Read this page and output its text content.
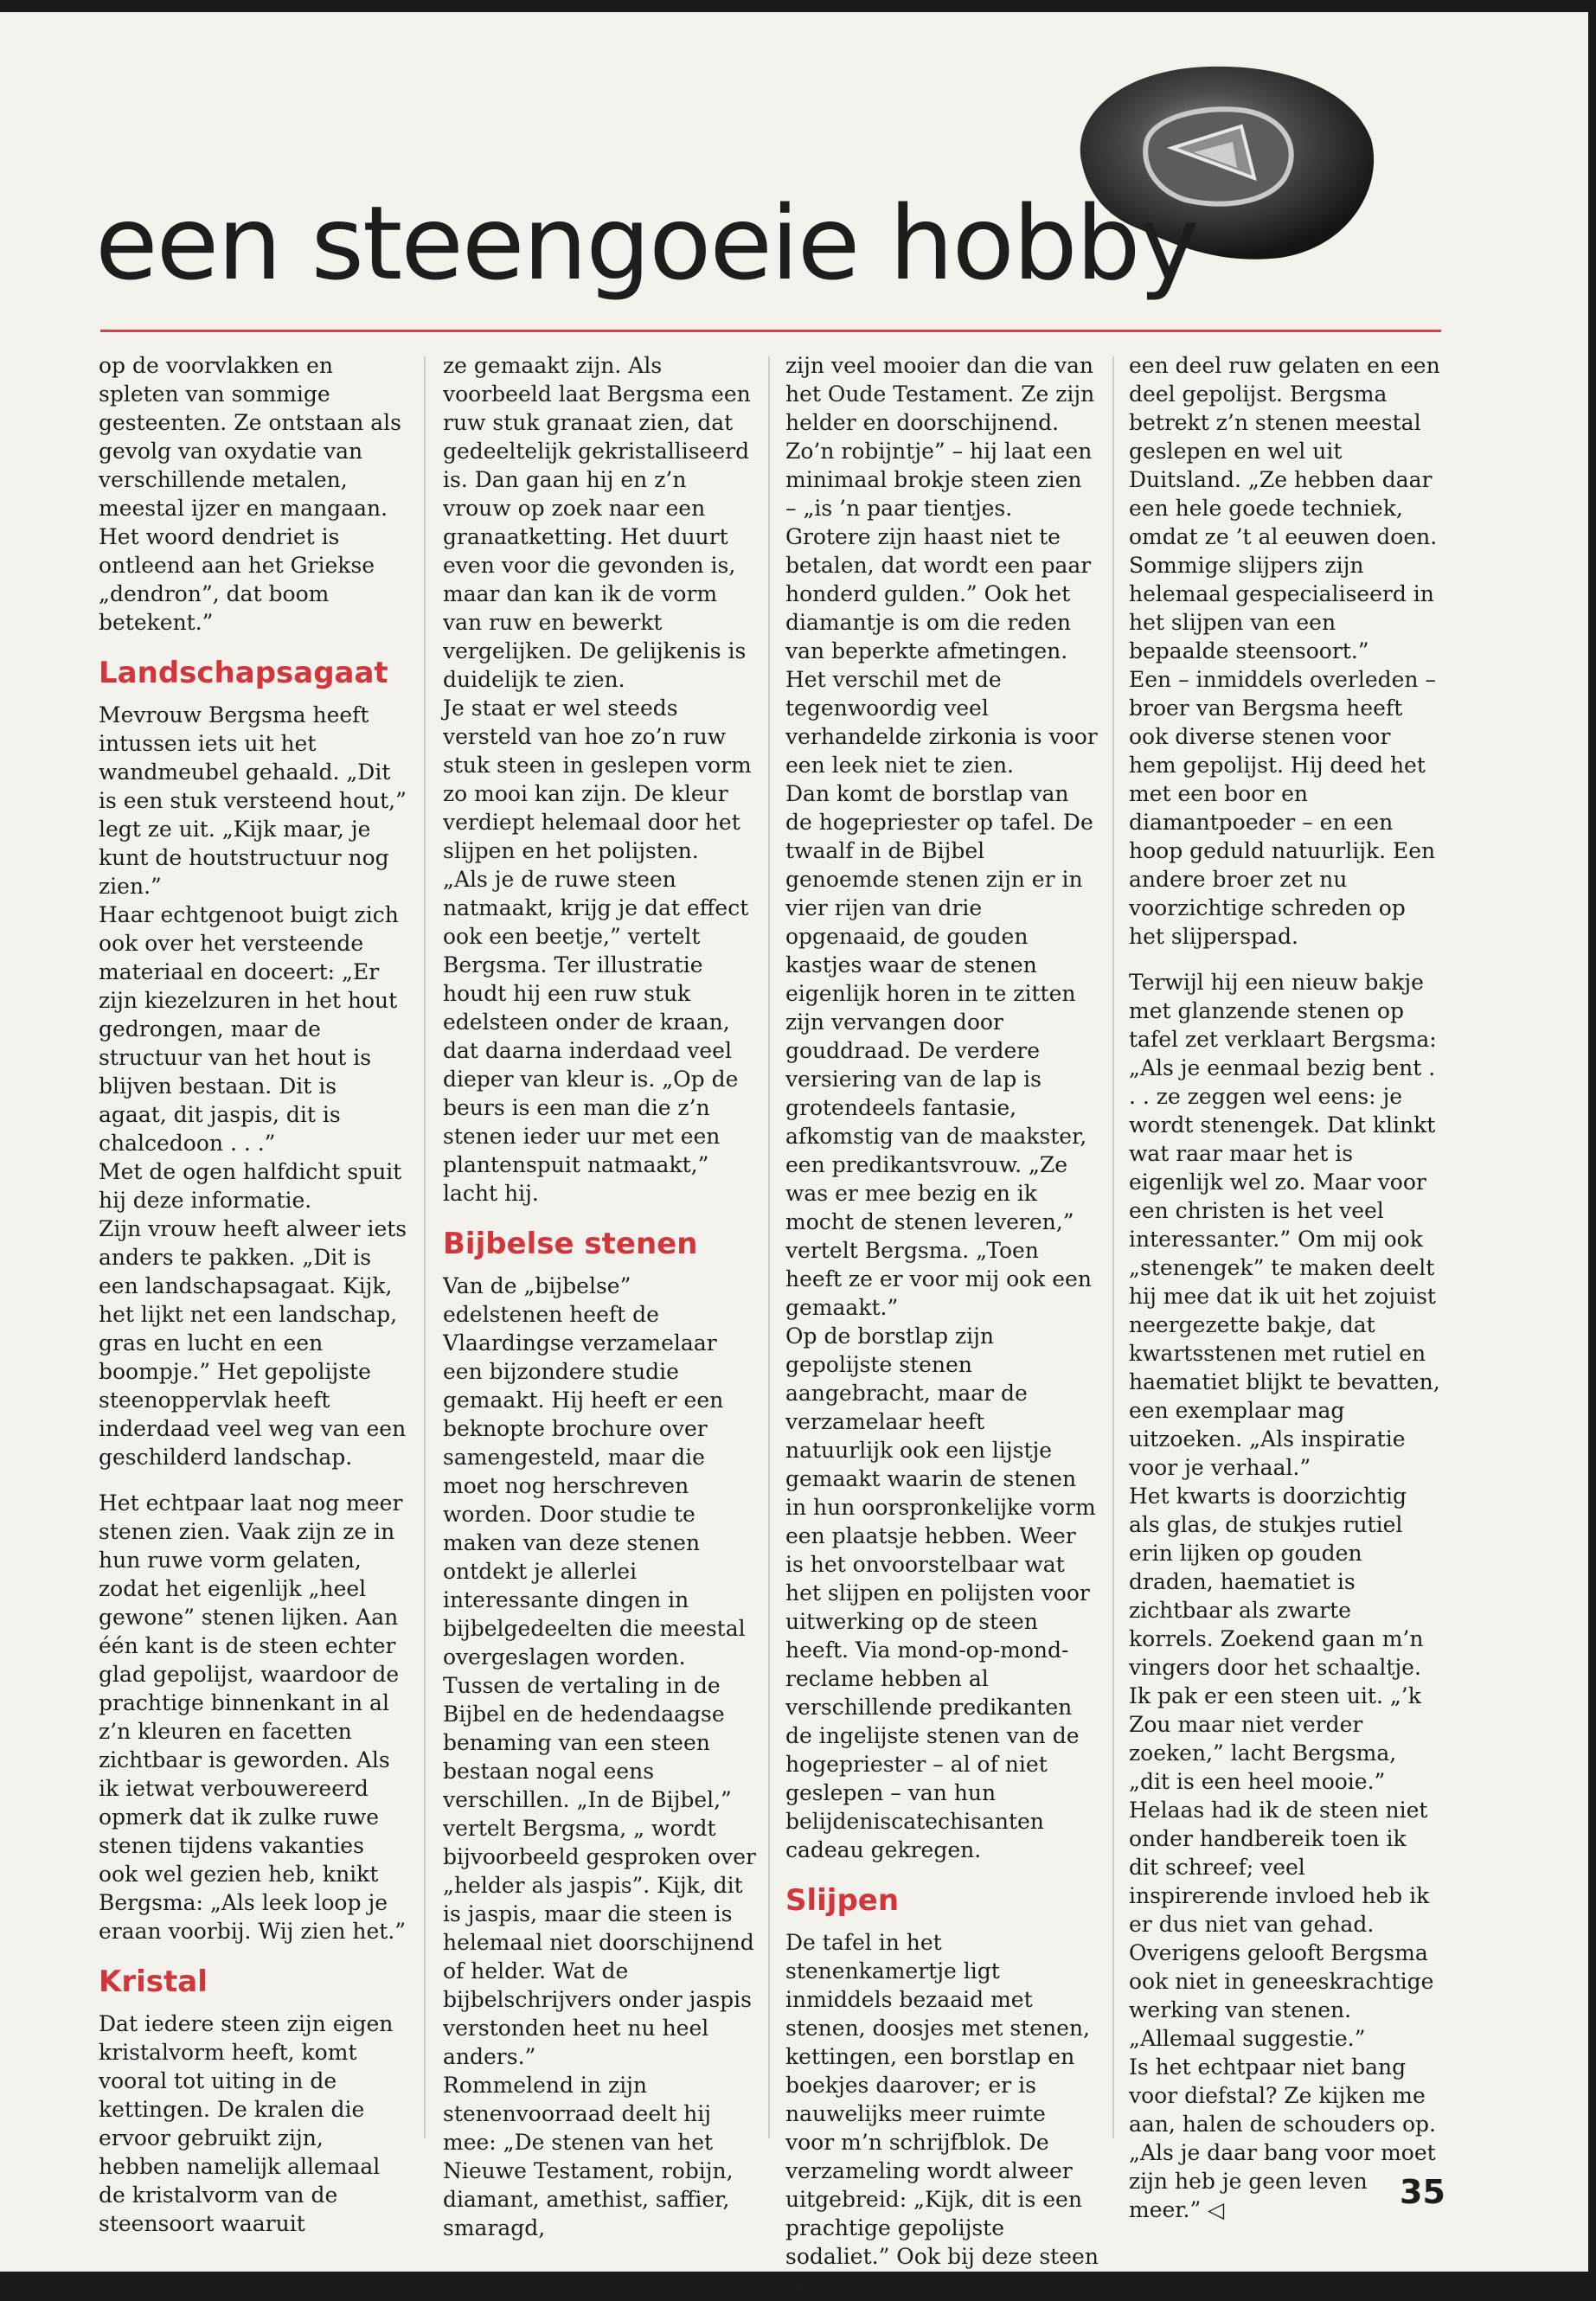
een steengoeie hobby

op de voorvlakken en spleten van sommige gesteenten. Ze ontstaan als gevolg van oxydatie van verschillende metalen, meestal ijzer en mangaan. Het woord dendriet is ontleend aan het Griekse „dendron”, dat boom betekent.”

Landschapsagaat

Mevrouw Bergsma heeft intussen iets uit het wandmeubel gehaald. „Dit is een stuk versteend hout,” legt ze uit. „Kijk maar, je kunt de houtstructuur nog zien.”

Haar echtgenoot buigt zich ook over het versteende materiaal en doceert: „Er zijn kiezelzuren in het hout gedrongen, maar de structuur van het hout is blijven bestaan. Dit is agaat, dit jaspis, dit is chalcedoon . . .”

Met de ogen halfdicht spuit hij deze informatie.

Zijn vrouw heeft alweer iets anders te pakken. „Dit is een landschapsagaat. Kijk, het lijkt net een landschap, gras en lucht en een boompje.” Het gepolijste steenoppervlak heeft inderdaad veel weg van een geschilderd landschap.

Het echtpaar laat nog meer stenen zien. Vaak zijn ze in hun ruwe vorm gelaten, zodat het eigenlijk „heel gewone” stenen lijken. Aan één kant is de steen echter glad gepolijst, waardoor de prachtige binnenkant in al z’n kleuren en facetten zichtbaar is geworden. Als ik ietwat verbouwereerd opmerk dat ik zulke ruwe stenen tijdens vakanties ook wel gezien heb, knikt Bergsma: „Als leek loop je eraan voorbij. Wij zien het.”

Kristal

Dat iedere steen zijn eigen kristalvorm heeft, komt vooral tot uiting in de kettingen. De kralen die ervoor gebruikt zijn, hebben namelijk allemaal de kristalvorm van de steensoort waaruit

ze gemaakt zijn. Als voorbeeld laat Bergsma een ruw stuk granaat zien, dat gedeeltelijk gekristalliseerd is. Dan gaan hij en z’n vrouw op zoek naar een granaatketting. Het duurt even voor die gevonden is, maar dan kan ik de vorm van ruw en bewerkt vergelijken. De gelijkenis is duidelijk te zien.

Je staat er wel steeds versteld van hoe zo’n ruw stuk steen in geslepen vorm zo mooi kan zijn. De kleur verdiept helemaal door het slijpen en het polijsten.

„Als je de ruwe steen natmaakt, krijg je dat effect ook een beetje,” vertelt Bergsma. Ter illustratie houdt hij een ruw stuk edelsteen onder de kraan, dat daarna inderdaad veel dieper van kleur is. „Op de beurs is een man die z’n stenen ieder uur met een plantenspuit natmaakt,” lacht hij.

Bijbelse stenen

Van de „bijbelse” edelstenen heeft de Vlaardingse verzamelaar een bijzondere studie gemaakt. Hij heeft er een beknopte brochure over samengesteld, maar die moet nog herschreven worden. Door studie te maken van deze stenen ontdekt je allerlei interessante dingen in bijbelgedeelten die meestal overgeslagen worden. Tussen de vertaling in de Bijbel en de hedendaagse benaming van een steen bestaan nogal eens verschillen. „In de Bijbel,” vertelt Bergsma, „ wordt bijvoorbeeld gesproken over „helder als jaspis”. Kijk, dit is jaspis, maar die steen is helemaal niet doorschijnend of helder. Wat de bijbelschrijvers onder jaspis verstonden heet nu heel anders.”

Rommelend in zijn stenenvoorraad deelt hij mee: „De stenen van het Nieuwe Testament, robijn, diamant, amethist, saffier, smaragd,

zijn veel mooier dan die van het Oude Testament. Ze zijn helder en doorschijnend. Zo’n robijntje” – hij laat een minimaal brokje steen zien – „is ’n paar tientjes. Grotere zijn haast niet te betalen, dat wordt een paar honderd gulden.” Ook het diamantje is om die reden van beperkte afmetingen. Het verschil met de tegenwoordig veel verhandelde zirkonia is voor een leek niet te zien.

Dan komt de borstlap van de hogepriester op tafel. De twaalf in de Bijbel genoemde stenen zijn er in vier rijen van drie opgenaaid, de gouden kastjes waar de stenen eigenlijk horen in te zitten zijn vervangen door gouddraad. De verdere versiering van de lap is grotendeels fantasie, afkomstig van de maakster, een predikantsvrouw. „Ze was er mee bezig en ik mocht de stenen leveren,” vertelt Bergsma. „Toen heeft ze er voor mij ook een gemaakt.”

Op de borstlap zijn gepolijste stenen aangebracht, maar de verzamelaar heeft natuurlijk ook een lijstje gemaakt waarin de stenen in hun oorspronkelijke vorm een plaatsje hebben. Weer is het onvoorstelbaar wat het slijpen en polijsten voor uitwerking op de steen heeft. Via mond-op-mond-reclame hebben al verschillende predikanten de ingelijste stenen van de hogepriester – al of niet geslepen – van hun belijdeniscatechisanten cadeau gekregen.

Slijpen

De tafel in het stenenkamertje ligt inmiddels bezaaid met stenen, doosjes met stenen, kettingen, een borstlap en boekjes daarover; er is nauwelijks meer ruimte voor m’n schrijfblok. De verzameling wordt alweer uitgebreid: „Kijk, dit is een prachtige gepolijste sodaliet.” Ook bij deze steen is

een deel ruw gelaten en een deel gepolijst. Bergsma betrekt z’n stenen meestal geslepen en wel uit Duitsland. „Ze hebben daar een hele goede techniek, omdat ze ’t al eeuwen doen. Sommige slijpers zijn helemaal gespecialiseerd in het slijpen van een bepaalde steensoort.”

Een – inmiddels overleden – broer van Bergsma heeft ook diverse stenen voor hem gepolijst. Hij deed het met een boor en diamantpoeder – en een hoop geduld natuurlijk. Een andere broer zet nu voorzichtige schreden op het slijperspad.

Terwijl hij een nieuw bakje met glanzende stenen op tafel zet verklaart Bergsma: „Als je eenmaal bezig bent . . . ze zeggen wel eens: je wordt stenengek. Dat klinkt wat raar maar het is eigenlijk wel zo. Maar voor een christen is het veel interessanter.” Om mij ook „stenengek” te maken deelt hij mee dat ik uit het zojuist neergezette bakje, dat kwartsstenen met rutiel en haematiet blijkt te bevatten, een exemplaar mag uitzoeken. „Als inspiratie voor je verhaal.”

Het kwarts is doorzichtig als glas, de stukjes rutiel erin lijken op gouden draden, haematiet is zichtbaar als zwarte korrels. Zoekend gaan m’n vingers door het schaaltje. Ik pak er een steen uit. „’k Zou maar niet verder zoeken,” lacht Bergsma, „dit is een heel mooie.” Helaas had ik de steen niet onder handbereik toen ik dit schreef; veel inspirerende invloed heb ik er dus niet van gehad. Overigens gelooft Bergsma ook niet in geneeskrachtige werking van stenen. „Allemaal suggestie.”

Is het echtpaar niet bang voor diefstal? Ze kijken me aan, halen de schouders op. „Als je daar bang voor moet zijn heb je geen leven meer.” ◁	35
